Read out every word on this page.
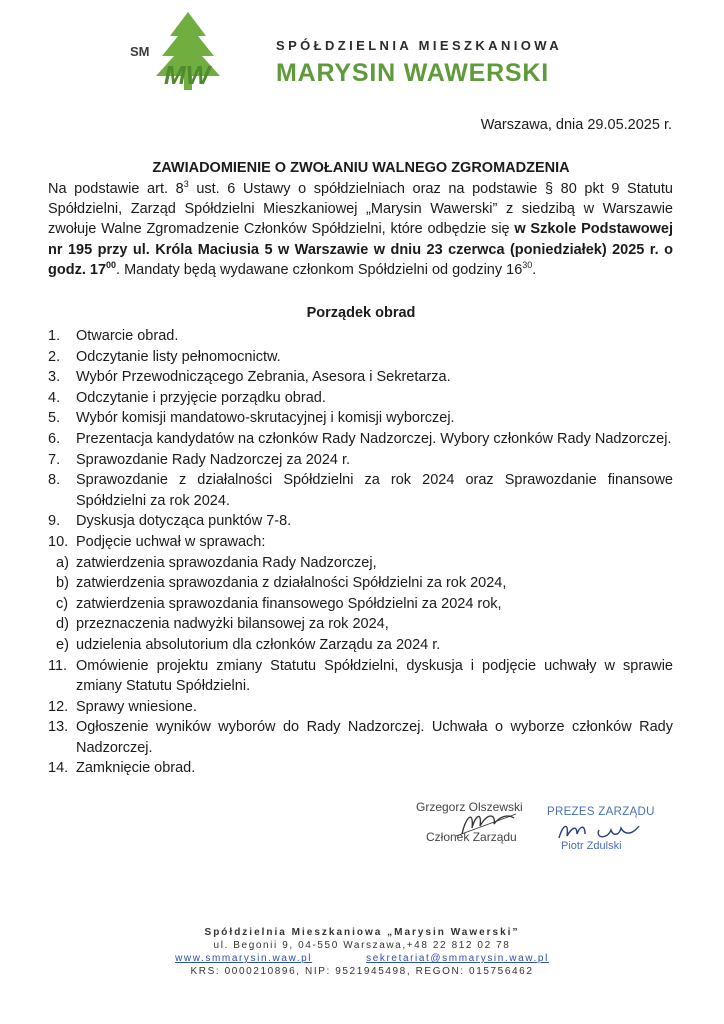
SM
MW
SPÓŁDZIELNIA MIESZKANIOWA
MARYSIN WAWERSKI
Warszawa, dnia 29.05.2025 r.
ZAWIADOMIENIE O ZWOŁANIU WALNEGO ZGROMADZENIA
Na podstawie art. $8^3$ ust. 6 Ustawy o spółdzielniach oraz na podstawie § 80 pkt 9 Statutu Spółdzielni, Zarząd Spółdzielni Mieszkaniowej „Marysin Wawerski” z siedzibą w Warszawie zwołuje Walne Zgromadzenie Członków Spółdzielni, które odbędzie się w Szkole Podstawowej nr 195 przy ul. Króla Maciusia 5 w Warszawie w dniu 23 czerwca (poniedziałek) 2025 r. o godz. $17^{00}$. Mandaty będą wydawane członkom Spółdzielni od godziny $16^{30}$.
Porządek obrad
1.	Otwarcie obrad.
2.	Odczytanie listy pełnomocnictw.
3.	Wybór Przewodniczącego Zebrania, Asesora i Sekretarza.
4.	Odczytanie i przyjęcie porządku obrad.
5.	Wybór komisji mandatowo-skrutacyjnej i komisji wyborczej.
6.	Prezentacja kandydatów na członków Rady Nadzorczej. Wybory członków Rady Nadzorczej.
7.	Sprawozdanie Rady Nadzorczej za 2024 r.
8.	Sprawozdanie z działalności Spółdzielni za rok 2024 oraz Sprawozdanie finansowe Spółdzielni za rok 2024.
9.	Dyskusja dotycząca punktów 7-8.
10. Podjęcie uchwał w sprawach:
a) zatwierdzenia sprawozdania Rady Nadzorczej,
b) zatwierdzenia sprawozdania z działalności Spółdzielni za rok 2024,
c) zatwierdzenia sprawozdania finansowego Spółdzielni za 2024 rok,
d) przeznaczenia nadwyżki bilansowej za rok 2024,
e) udzielenia absolutorium dla członków Zarządu za 2024 r.
11. Omówienie projektu zmiany Statutu Spółdzielni, dyskusja i podjęcie uchwały w sprawie zmiany Statutu Spółdzielni.
12. Sprawy wniesione.
13. Ogłoszenie wyników wyborów do Rady Nadzorczej. Uchwała o wyborze członków Rady Nadzorczej.
14. Zamknięcie obrad.
Grzegorz Olszewski
Członek Zarządu
PREZES ZARZĄDU
Piotr Zdulski
Spółdzielnia Mieszkaniowa „Marysin Wawerski”
ul. Begonii 9, 04-550 Warszawa,+48 22 812 02 78
www.smmarysin.waw.pl	sekretariat@smmarysin.waw.pl
KRS: 0000210896, NIP: 9521945498, REGON: 015756462
